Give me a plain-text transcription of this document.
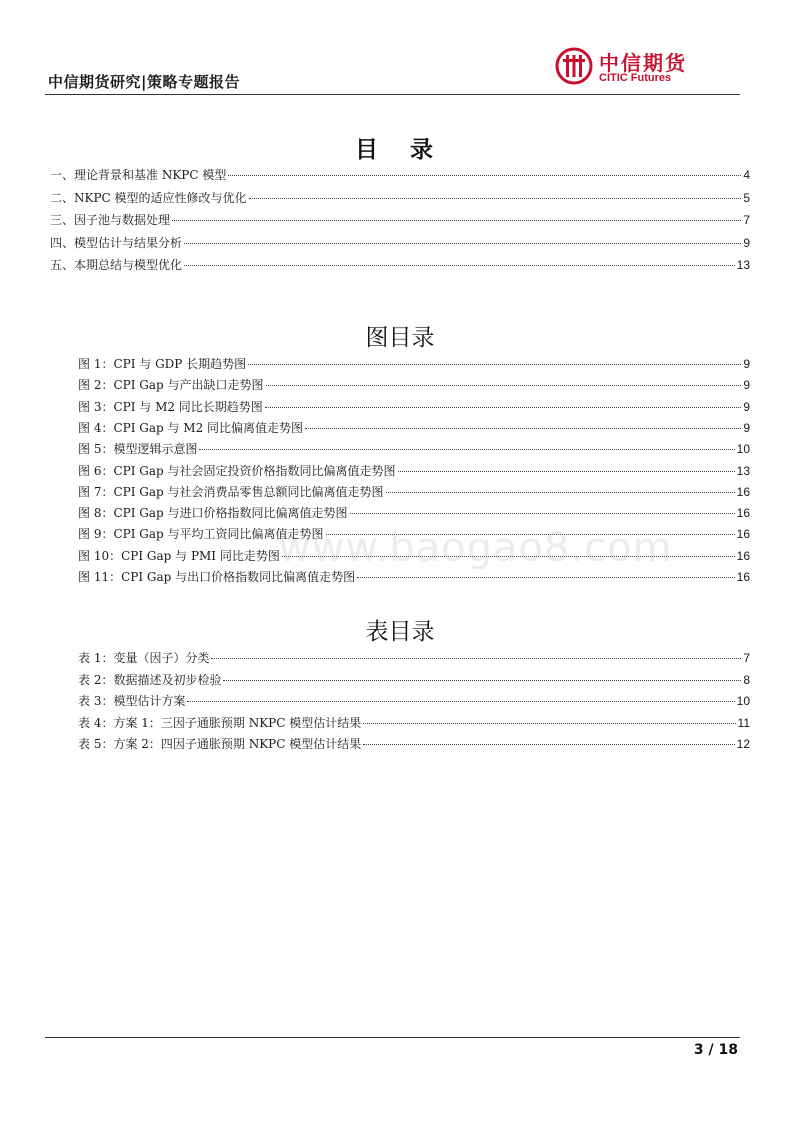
中信期货研究|策略专题报告
中信期货
CITIC Futures
目 录
一、理论背景和基准 NKPC 模型	4
二、NKPC 模型的适应性修改与优化	5
三、因子池与数据处理	7
四、模型估计与结果分析	9
五、本期总结与模型优化	13
图目录
图 1：CPI 与 GDP 长期趋势图	9
图 2：CPI Gap 与产出缺口走势图	9
图 3：CPI 与 M2 同比长期趋势图	9
图 4：CPI Gap 与 M2 同比偏离值走势图	9
图 5：模型逻辑示意图	10
图 6：CPI Gap 与社会固定投资价格指数同比偏离值走势图	13
图 7：CPI Gap 与社会消费品零售总额同比偏离值走势图	16
图 8：CPI Gap 与进口价格指数同比偏离值走势图	16
图 9：CPI Gap 与平均工资同比偏离值走势图	16
图 10：CPI Gap 与 PMI 同比走势图	16
图 11：CPI Gap 与出口价格指数同比偏离值走势图	16
表目录
表 1：变量（因子）分类	7
表 2：数据描述及初步检验	8
表 3：模型估计方案	10
表 4：方案 1：三因子通胀预期 NKPC 模型估计结果	11
表 5：方案 2：四因子通胀预期 NKPC 模型估计结果	12
www.baogao8.com
3 / 18
